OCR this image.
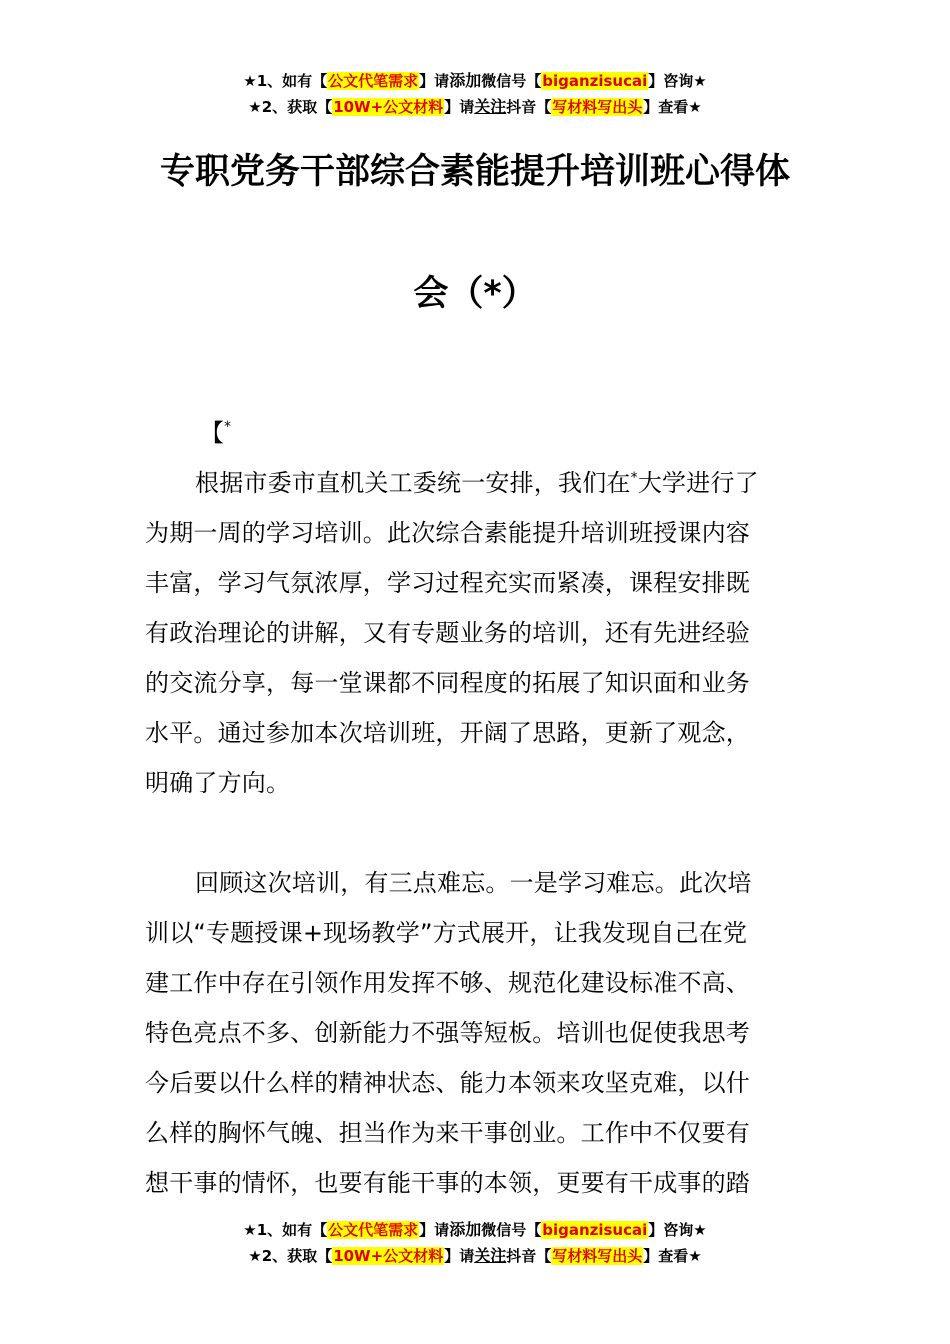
★1、如有【公文代笔需求】请添加微信号【biganzisucai】咨询★
★2、获取【10W+公文材料】请关注抖音【写材料写出头】查看★
专职党务干部综合素能提升培训班心得体
会（*）
【*
根据市委市直机关工委统一安排，我们在*大学进行了
为期一周的学习培训。此次综合素能提升培训班授课内容
丰富，学习气氛浓厚，学习过程充实而紧凑，课程安排既
有政治理论的讲解，又有专题业务的培训，还有先进经验
的交流分享，每一堂课都不同程度的拓展了知识面和业务
水平。通过参加本次培训班，开阔了思路，更新了观念，
明确了方向。
回顾这次培训，有三点难忘。一是学习难忘。此次培
训以“专题授课+现场教学”方式展开，让我发现自己在党
建工作中存在引领作用发挥不够、规范化建设标准不高、
特色亮点不多、创新能力不强等短板。培训也促使我思考
今后要以什么样的精神状态、能力本领来攻坚克难，以什
么样的胸怀气魄、担当作为来干事创业。工作中不仅要有
想干事的情怀，也要有能干事的本领，更要有干成事的踏
★1、如有【公文代笔需求】请添加微信号【biganzisucai】咨询★
★2、获取【10W+公文材料】请关注抖音【写材料写出头】查看★
